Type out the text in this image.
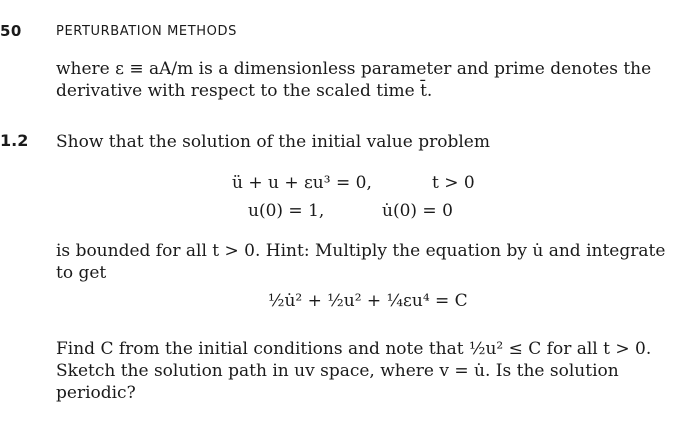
50	PERTURBATION METHODS
where ε ≡ aA/m is a dimensionless parameter and prime denotes the
derivative with respect to the scaled time t̄.
1.2 Show that the solution of the initial value problem
ü + u + εu³ = 0,	t > 0
u(0) = 1,	u̇(0) = 0
is bounded for all t > 0. Hint: Multiply the equation by u̇ and integrate
to get
½u̇² + ½u² + ¼εu⁴ = C
Find C from the initial conditions and note that ½u² ≤ C for all t > 0.
Sketch the solution path in uv space, where v = u̇. Is the solution
periodic?
